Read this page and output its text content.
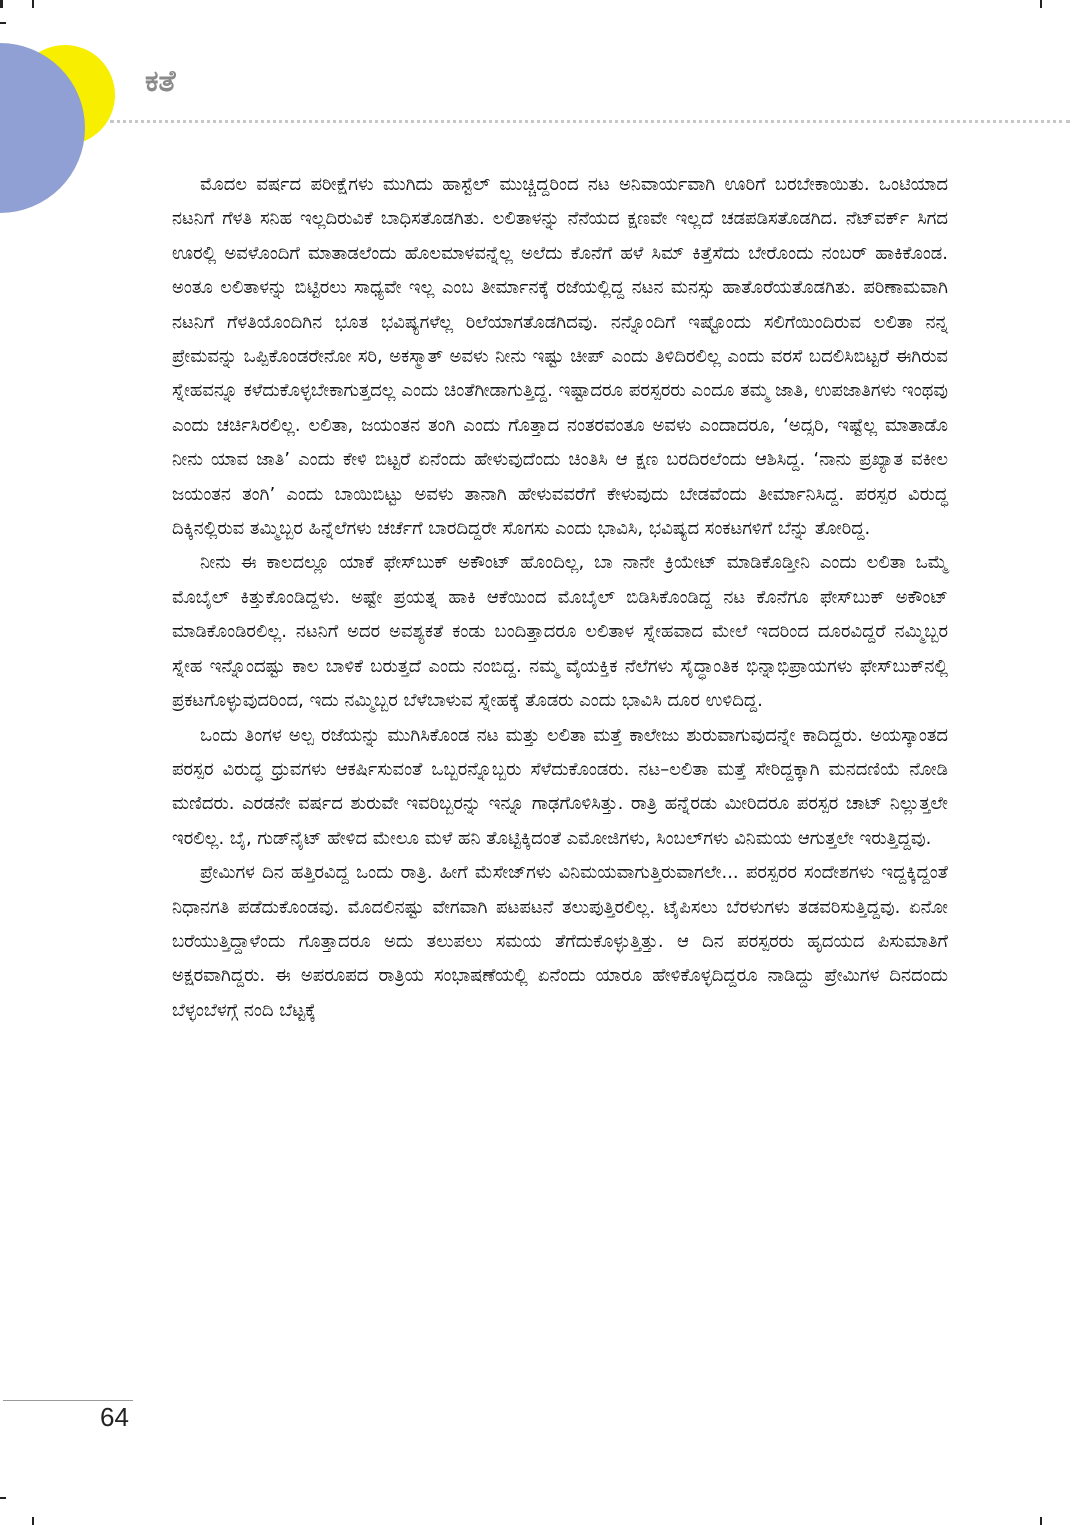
ಕತೆ

ಮೊದಲ ವರ್ಷದ ಪರೀಕ್ಷೆಗಳು ಮುಗಿದು ಹಾಸ್ಟೆಲ್ ಮುಚ್ಚಿದ್ದರಿಂದ ನಟ ಅನಿವಾರ್ಯವಾಗಿ ಊರಿಗೆ ಬರಬೇಕಾಯಿತು. ಒಂಟಿಯಾದ ನಟನಿಗೆ ಗೆಳತಿ ಸನಿಹ ಇಲ್ಲದಿರುವಿಕೆ ಬಾಧಿಸತೊಡಗಿತು. ಲಲಿತಾಳನ್ನು ನೆನೆಯದ ಕ್ಷಣವೇ ಇಲ್ಲದೆ ಚಡಪಡಿಸತೊಡಗಿದ. ನೆಟ್‌ವರ್ಕ್ ಸಿಗದ ಊರಲ್ಲಿ ಅವಳೊಂದಿಗೆ ಮಾತಾಡಲೆಂದು ಹೊಲಮಾಳವನ್ನೆಲ್ಲ ಅಲೆದು ಕೊನೆಗೆ ಹಳೆ ಸಿಮ್ ಕಿತ್ತೆಸೆದು ಬೇರೊಂದು ನಂಬರ್ ಹಾಕಿಕೊಂಡ. ಅಂತೂ ಲಲಿತಾಳನ್ನು ಬಿಟ್ಟಿರಲು ಸಾಧ್ಯವೇ ಇಲ್ಲ ಎಂಬ ತೀರ್ಮಾನಕ್ಕೆ ರಜೆಯಲ್ಲಿದ್ದ ನಟನ ಮನಸ್ಸು ಹಾತೊರೆಯತೊಡಗಿತು. ಪರಿಣಾಮವಾಗಿ ನಟನಿಗೆ ಗೆಳತಿಯೊಂದಿಗಿನ ಭೂತ ಭವಿಷ್ಯಗಳೆಲ್ಲ ರಿಲೆಯಾಗತೊಡಗಿದವು. ನನ್ನೊಂದಿಗೆ ಇಷ್ಟೊಂದು ಸಲಿಗೆಯಿಂದಿರುವ ಲಲಿತಾ ನನ್ನ ಪ್ರೇಮವನ್ನು ಒಪ್ಪಿಕೊಂಡರೇನೋ ಸರಿ, ಅಕಸ್ಮಾತ್ ಅವಳು ನೀನು ಇಷ್ಟು ಚೀಪ್ ಎಂದು ತಿಳಿದಿರಲಿಲ್ಲ ಎಂದು ವರಸೆ ಬದಲಿಸಿಬಿಟ್ಟರೆ ಈಗಿರುವ ಸ್ನೇಹವನ್ನೂ ಕಳೆದುಕೊಳ್ಳಬೇಕಾಗುತ್ತದಲ್ಲ ಎಂದು ಚಿಂತೆಗೀಡಾಗುತ್ತಿದ್ದ. ಇಷ್ಟಾದರೂ ಪರಸ್ಪರರು ಎಂದೂ ತಮ್ಮ ಜಾತಿ, ಉಪಜಾತಿಗಳು ಇಂಥವು ಎಂದು ಚರ್ಚಿಸಿರಲಿಲ್ಲ. ಲಲಿತಾ, ಜಯಂತನ ತಂಗಿ ಎಂದು ಗೊತ್ತಾದ ನಂತರವಂತೂ ಅವಳು ಎಂದಾದರೂ, ‘ಅದ್ಸರಿ, ಇಷ್ಟೆಲ್ಲ ಮಾತಾಡೊ ನೀನು ಯಾವ ಜಾತಿ’ ಎಂದು ಕೇಳಿ ಬಿಟ್ಟರೆ ಏನೆಂದು ಹೇಳುವುದೆಂದು ಚಿಂತಿಸಿ ಆ ಕ್ಷಣ ಬರದಿರಲೆಂದು ಆಶಿಸಿದ್ದ. ‘ನಾನು ಪ್ರಖ್ಯಾತ ವಕೀಲ ಜಯಂತನ ತಂಗಿ’ ಎಂದು ಬಾಯಿಬಿಟ್ಟು ಅವಳು ತಾನಾಗಿ ಹೇಳುವವರೆಗೆ ಕೇಳುವುದು ಬೇಡವೆಂದು ತೀರ್ಮಾನಿಸಿದ್ದ. ಪರಸ್ಪರ ವಿರುದ್ಧ ದಿಕ್ಕಿನಲ್ಲಿರುವ ತಮ್ಮಿಬ್ಬರ ಹಿನ್ನೆಲೆಗಳು ಚರ್ಚೆಗೆ ಬಾರದಿದ್ದರೇ ಸೊಗಸು ಎಂದು ಭಾವಿಸಿ, ಭವಿಷ್ಯದ ಸಂಕಟಗಳಿಗೆ ಬೆನ್ನು ತೋರಿದ್ದ.

ನೀನು ಈ ಕಾಲದಲ್ಲೂ ಯಾಕೆ ಫೇಸ್‌ಬುಕ್ ಅಕೌಂಟ್ ಹೊಂದಿಲ್ಲ, ಬಾ ನಾನೇ ಕ್ರಿಯೇಟ್ ಮಾಡಿಕೊಡ್ತೀನಿ ಎಂದು ಲಲಿತಾ ಒಮ್ಮೆ ಮೊಬೈಲ್ ಕಿತ್ತುಕೊಂಡಿದ್ದಳು. ಅಷ್ಟೇ ಪ್ರಯತ್ನ ಹಾಕಿ ಆಕೆಯಿಂದ ಮೊಬೈಲ್ ಬಿಡಿಸಿಕೊಂಡಿದ್ದ ನಟ ಕೊನೆಗೂ ಫೇಸ್‌ಬುಕ್ ಅಕೌಂಟ್ ಮಾಡಿಕೊಂಡಿರಲಿಲ್ಲ. ನಟನಿಗೆ ಅದರ ಅವಶ್ಯಕತೆ ಕಂಡು ಬಂದಿತ್ತಾದರೂ ಲಲಿತಾಳ ಸ್ನೇಹವಾದ ಮೇಲೆ ಇದರಿಂದ ದೂರವಿದ್ದರೆ ನಮ್ಮಿಬ್ಬರ ಸ್ನೇಹ ಇನ್ನೊಂದಷ್ಟು ಕಾಲ ಬಾಳಿಕೆ ಬರುತ್ತದೆ ಎಂದು ನಂಬಿದ್ದ. ನಮ್ಮ ವೈಯಕ್ತಿಕ ನೆಲೆಗಳು ಸೈದ್ಧಾಂತಿಕ ಭಿನ್ನಾಭಿಪ್ರಾಯಗಳು ಫೇಸ್‌ಬುಕ್‌ನಲ್ಲಿ ಪ್ರಕಟಗೊಳ್ಳುವುದರಿಂದ, ಇದು ನಮ್ಮಿಬ್ಬರ ಬೆಳೆಬಾಳುವ ಸ್ನೇಹಕ್ಕೆ ತೊಡರು ಎಂದು ಭಾವಿಸಿ ದೂರ ಉಳಿದಿದ್ದ.

ಒಂದು ತಿಂಗಳ ಅಲ್ಪ ರಜೆಯನ್ನು ಮುಗಿಸಿಕೊಂಡ ನಟ ಮತ್ತು ಲಲಿತಾ ಮತ್ತೆ ಕಾಲೇಜು ಶುರುವಾಗುವುದನ್ನೇ ಕಾದಿದ್ದರು. ಅಯಸ್ಕಾಂತದ ಪರಸ್ಪರ ವಿರುದ್ಧ ಧ್ರುವಗಳು ಆಕರ್ಷಿಸುವಂತೆ ಒಬ್ಬರನ್ನೊಬ್ಬರು ಸೆಳೆದುಕೊಂಡರು. ನಟ–ಲಲಿತಾ ಮತ್ತೆ ಸೇರಿದ್ದಕ್ಕಾಗಿ ಮನದಣಿಯೆ ನೋಡಿ ಮಣಿದರು. ಎರಡನೇ ವರ್ಷದ ಶುರುವೇ ಇವರಿಬ್ಬರನ್ನು ಇನ್ನೂ ಗಾಢಗೊಳಿಸಿತ್ತು. ರಾತ್ರಿ ಹನ್ನೆರಡು ಮೀರಿದರೂ ಪರಸ್ಪರ ಚಾಟ್ ನಿಲ್ಲುತ್ತಲೇ ಇರಲಿಲ್ಲ. ಬೈ, ಗುಡ್‌ನೈಟ್ ಹೇಳಿದ ಮೇಲೂ ಮಳೆ ಹನಿ ತೊಟ್ಟಿಕ್ಕಿದಂತೆ ಎಮೋಜಿಗಳು, ಸಿಂಬಲ್‌ಗಳು ವಿನಿಮಯ ಆಗುತ್ತಲೇ ಇರುತ್ತಿದ್ದವು.

ಪ್ರೇಮಿಗಳ ದಿನ ಹತ್ತಿರವಿದ್ದ ಒಂದು ರಾತ್ರಿ. ಹೀಗೆ ಮೆಸೇಜ್‌ಗಳು ವಿನಿಮಯವಾಗುತ್ತಿರುವಾಗಲೇ... ಪರಸ್ಪರರ ಸಂದೇಶಗಳು ಇದ್ದಕ್ಕಿದ್ದಂತೆ ನಿಧಾನಗತಿ ಪಡೆದುಕೊಂಡವು. ಮೊದಲಿನಷ್ಟು ವೇಗವಾಗಿ ಪಟಪಟನೆ ತಲುಪುತ್ತಿರಲಿಲ್ಲ. ಟೈಪಿಸಲು ಬೆರಳುಗಳು ತಡವರಿಸುತ್ತಿದ್ದವು. ಏನೋ ಬರೆಯುತ್ತಿದ್ದಾಳೆಂದು ಗೊತ್ತಾದರೂ ಅದು ತಲುಪಲು ಸಮಯ ತೆಗೆದುಕೊಳ್ಳುತ್ತಿತ್ತು. ಆ ದಿನ ಪರಸ್ಪರರು ಹೃದಯದ ಪಿಸುಮಾತಿಗೆ ಅಕ್ಷರವಾಗಿದ್ದರು. ಈ ಅಪರೂಪದ ರಾತ್ರಿಯ ಸಂಭಾಷಣೆಯಲ್ಲಿ ಏನೆಂದು ಯಾರೂ ಹೇಳಿಕೊಳ್ಳದಿದ್ದರೂ ನಾಡಿದ್ದು ಪ್ರೇಮಿಗಳ ದಿನದಂದು ಬೆಳ್ಳಂಬೆಳಗ್ಗೆ ನಂದಿ ಬೆಟ್ಟಕ್ಕೆ

64
